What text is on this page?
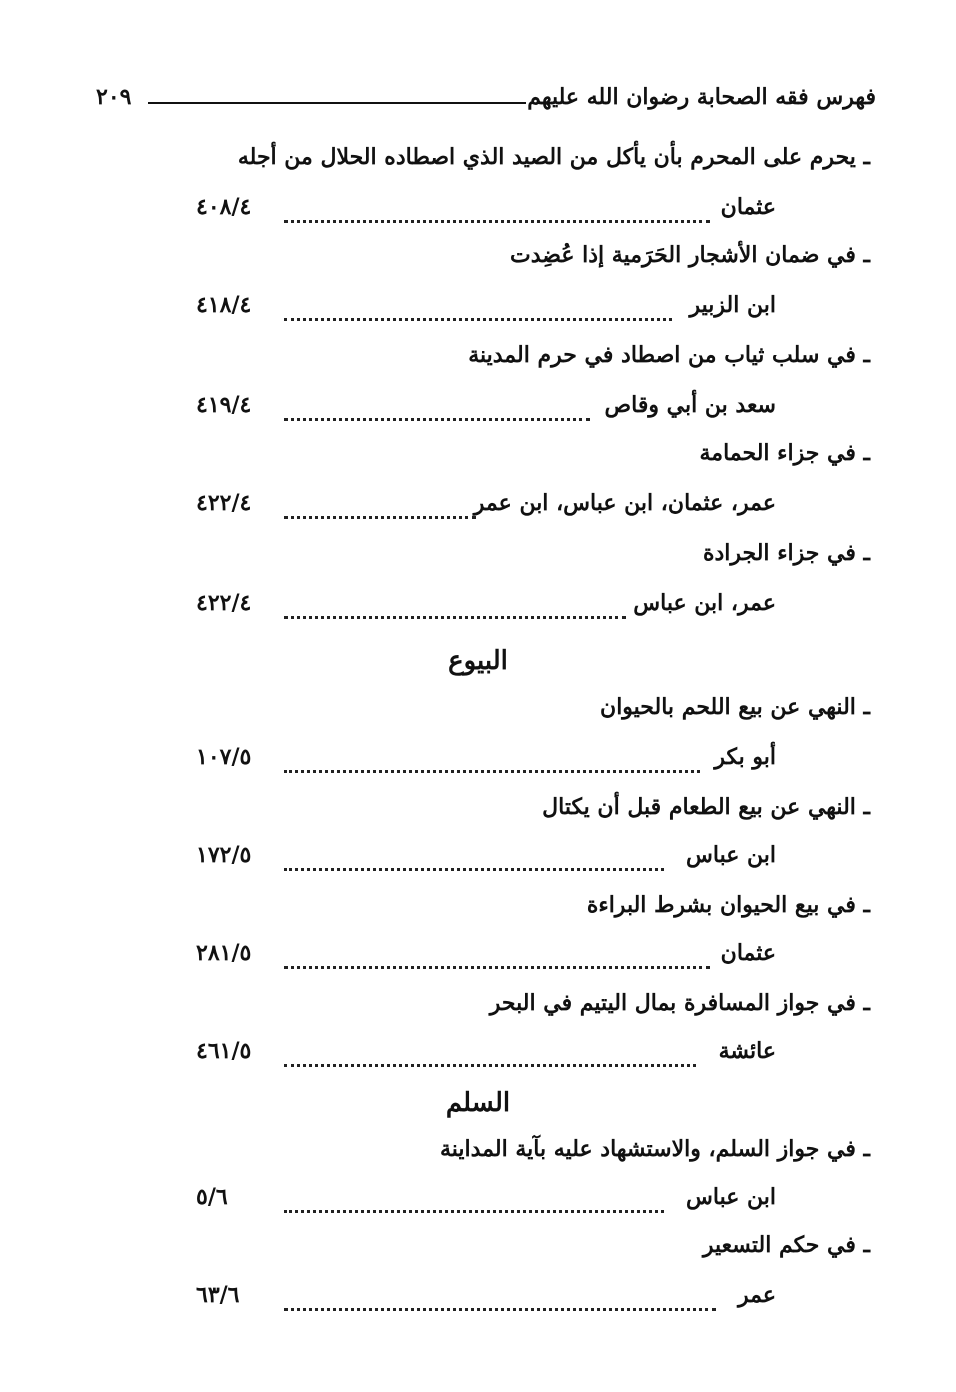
فهرس فقه الصحابة رضوان الله عليهم
٢٠٩
ـ يحرم على المحرم بأن يأكل من الصيد الذي اصطاده الحلال من أجله
عثمان
٤٠٨/٤
ـ في ضمان الأشجار الحَرَمية إذا عُضِدت
ابن الزبير
٤١٨/٤
ـ في سلب ثياب من اصطاد في حرم المدينة
سعد بن أبي وقاص
٤١٩/٤
ـ في جزاء الحمامة
عمر، عثمان، ابن عباس، ابن عمر
٤٢٢/٤
ـ في جزاء الجرادة
عمر، ابن عباس
٤٢٢/٤
البيوع
ـ النهي عن بيع اللحم بالحيوان
أبو بكر
١٠٧/٥
ـ النهي عن بيع الطعام قبل أن يكتال
ابن عباس
١٧٢/٥
ـ في بيع الحيوان بشرط البراءة
عثمان
٢٨١/٥
ـ في جواز المسافرة بمال اليتيم في البحر
عائشة
٤٦١/٥
السلم
ـ في جواز السلم، والاستشهاد عليه بآية المداينة
ابن عباس
٥/٦
ـ في حكم التسعير
عمر
٦٣/٦
